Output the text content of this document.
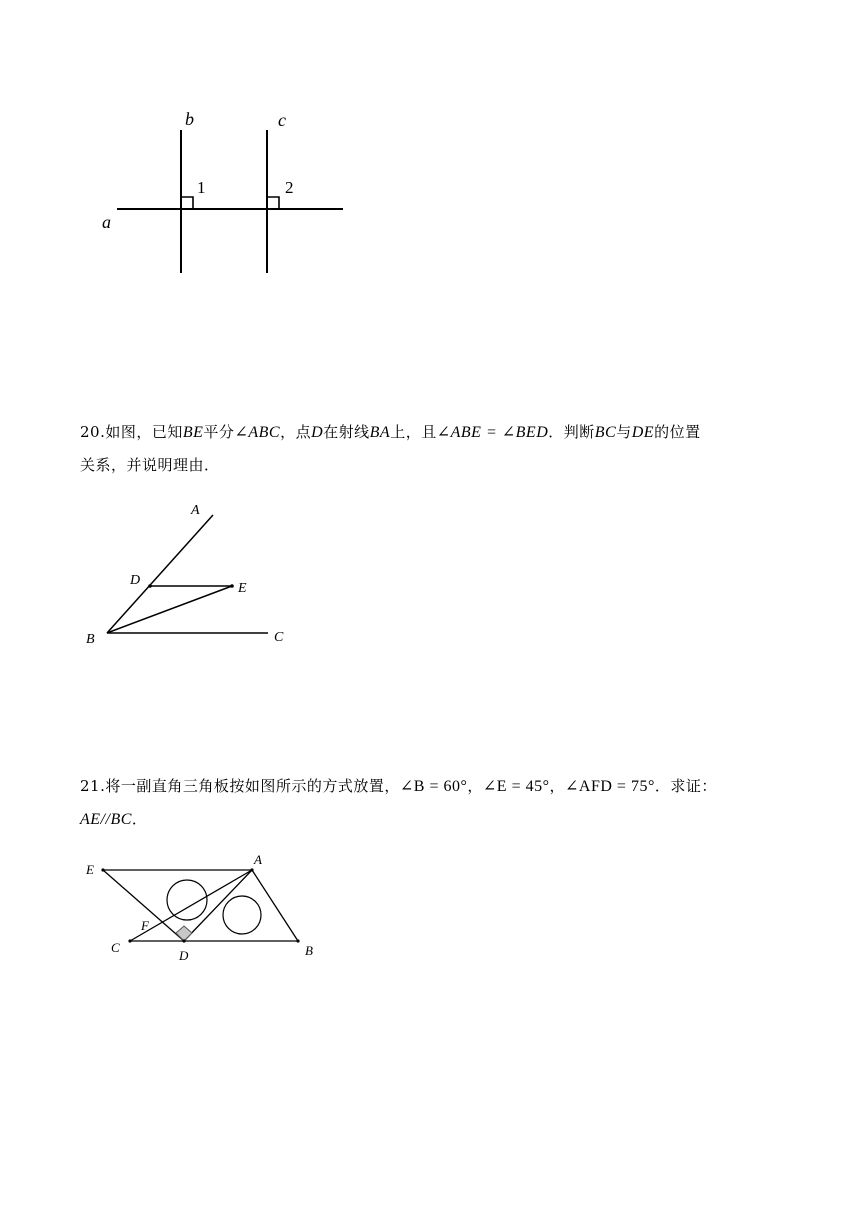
b	c
a
1	2
20.如图，已知BE平分∠ABC，点D在射线BA上，且∠ABE = ∠BED．判断BC与DE的位置
关系，并说明理由．
A
D
E
B	C
21.将一副直角三角板按如图所示的方式放置，∠B = 60°，∠E = 45°，∠AFD = 75°．求证：
AE//BC．
E
A
F
C
D	B
